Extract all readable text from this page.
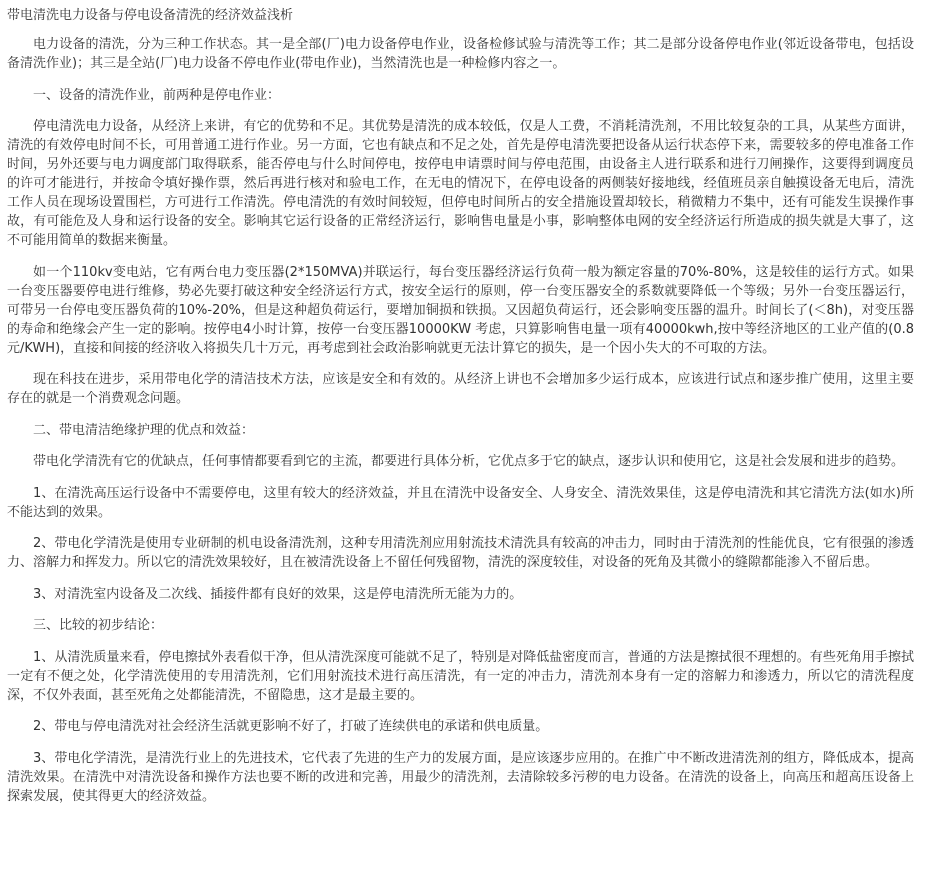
带电清洗电力设备与停电设备清洗的经济效益浅析

电力设备的清洗，分为三种工作状态。其一是全部(厂)电力设备停电作业，设备检修试验与清洗等工作；其二是部分设备停电作业(邻近设备带电，包括设备清洗作业)；其三是全站(厂)电力设备不停电作业(带电作业)，当然清洗也是一种检修内容之一。

一、设备的清洗作业，前两种是停电作业：

停电清洗电力设备，从经济上来讲，有它的优势和不足。其优势是清洗的成本较低，仅是人工费，不消耗清洗剂，不用比较复杂的工具，从某些方面讲，清洗的有效停电时间不长，可用普通工进行作业。另一方面，它也有缺点和不足之处，首先是停电清洗要把设备从运行状态停下来，需要较多的停电准备工作时间，另外还要与电力调度部门取得联系，能否停电与什么时间停电，按停电申请票时间与停电范围，由设备主人进行联系和进行刀闸操作，这要得到调度员的许可才能进行，并按命令填好操作票，然后再进行核对和验电工作，在无电的情况下，在停电设备的两侧装好接地线，经值班员亲自触摸设备无电后，清洗工作人员在现场设置围栏，方可进行工作清洗。停电清洗的有效时间较短，但停电时间所占的安全措施设置却较长，稍微精力不集中，还有可能发生误操作事故，有可能危及人身和运行设备的安全。影响其它运行设备的正常经济运行，影响售电量是小事，影响整体电网的安全经济运行所造成的损失就是大事了，这不可能用简单的数据来衡量。

如一个110kv变电站，它有两台电力变压器(2*150MVA)并联运行，每台变压器经济运行负荷一般为额定容量的70%-80%，这是较佳的运行方式。如果一台变压器要停电进行维修，势必先要打破这种安全经济运行方式，按安全运行的原则，停一台变压器安全的系数就要降低一个等级；另外一台变压器运行，可带另一台停电变压器负荷的10%-20%，但是这种超负荷运行，要增加铜损和铁损。又因超负荷运行，还会影响变压器的温升。时间长了(＜8h)，对变压器的寿命和绝缘会产生一定的影响。按停电4小时计算，按停一台变压器10000KW 考虑，只算影响售电量一项有40000kwh,按中等经济地区的工业产值的(0.8元/KWH)，直接和间接的经济收入将损失几十万元，再考虑到社会政治影响就更无法计算它的损失，是一个因小失大的不可取的方法。

现在科技在进步，采用带电化学的清洁技术方法，应该是安全和有效的。从经济上讲也不会增加多少运行成本，应该进行试点和逐步推广使用，这里主要存在的就是一个消费观念问题。

二、带电清洁绝缘护理的优点和效益：

带电化学清洗有它的优缺点，任何事情都要看到它的主流，都要进行具体分析，它优点多于它的缺点，逐步认识和使用它，这是社会发展和进步的趋势。

1、在清洗高压运行设备中不需要停电，这里有较大的经济效益，并且在清洗中设备安全、人身安全、清洗效果佳，这是停电清洗和其它清洗方法(如水)所不能达到的效果。

2、带电化学清洗是使用专业研制的机电设备清洗剂，这种专用清洗剂应用射流技术清洗具有较高的冲击力，同时由于清洗剂的性能优良，它有很强的渗透力、溶解力和挥发力。所以它的清洗效果较好，且在被清洗设备上不留任何残留物，清洗的深度较佳，对设备的死角及其微小的缝隙都能渗入不留后患。

3、对清洗室内设备及二次线、插接件都有良好的效果，这是停电清洗所无能为力的。

三、比较的初步结论：

1、从清洗质量来看，停电擦拭外表看似干净，但从清洗深度可能就不足了，特别是对降低盐密度而言，普通的方法是擦拭很不理想的。有些死角用手擦拭一定有不便之处，化学清洗使用的专用清洗剂，它们用射流技术进行高压清洗，有一定的冲击力，清洗剂本身有一定的溶解力和渗透力，所以它的清洗程度深，不仅外表面，甚至死角之处都能清洗，不留隐患，这才是最主要的。

2、带电与停电清洗对社会经济生活就更影响不好了，打破了连续供电的承诺和供电质量。

3、带电化学清洗，是清洗行业上的先进技术，它代表了先进的生产力的发展方面，是应该逐步应用的。在推广中不断改进清洗剂的组方，降低成本，提高清洗效果。在清洗中对清洗设备和操作方法也要不断的改进和完善，用最少的清洗剂，去清除较多污秽的电力设备。在清洗的设备上，向高压和超高压设备上探索发展，使其得更大的经济效益。
